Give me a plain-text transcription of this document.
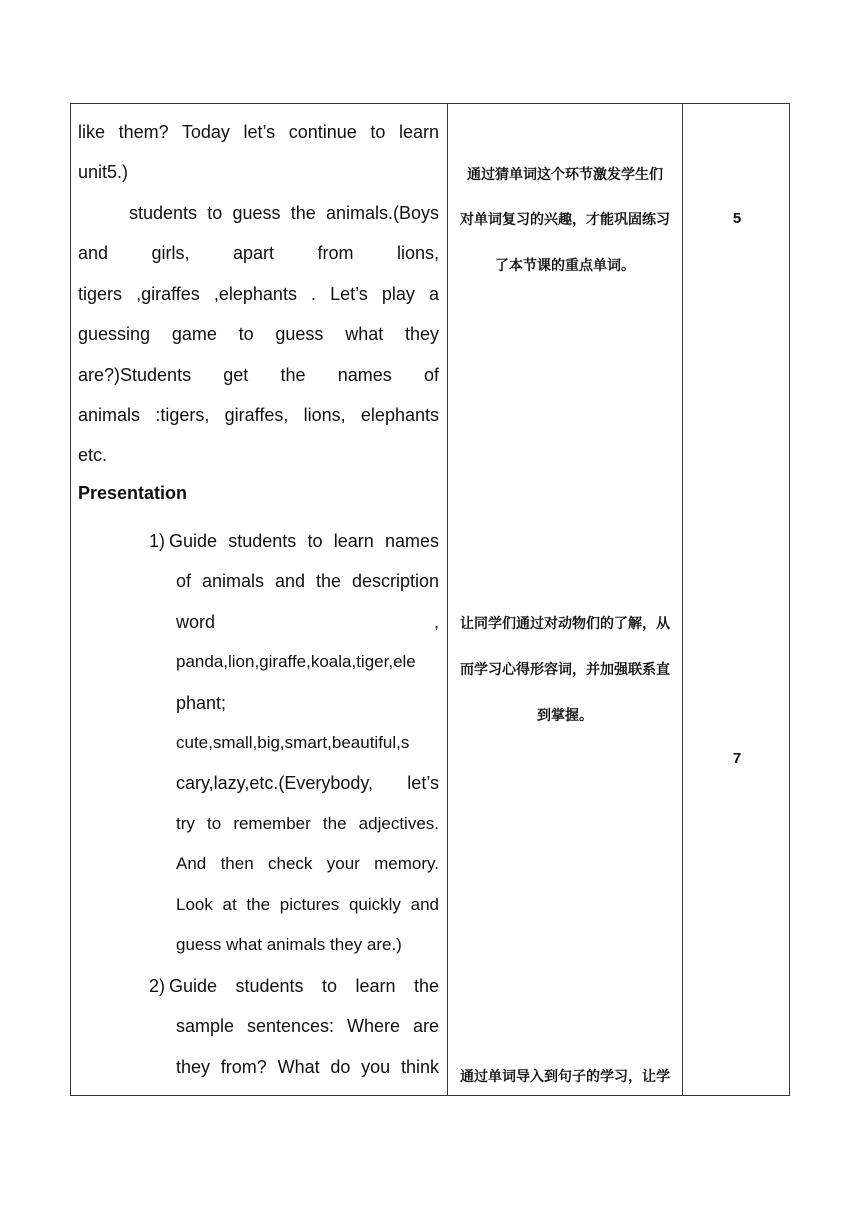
like them? Today let’s continue to learn
unit5.)
students to guess the animals.(Boys
and girls, apart from lions,
tigers ,giraffes ,elephants . Let’s play a
guessing game to guess what they
are?)Students get the names of
animals :tigers, giraffes, lions, elephants
etc.
Presentation
1) Guide students to learn names
of animals and the description
word ,
panda,lion,giraffe,koala,tiger,ele
phant;
cute,small,big,smart,beautiful,s
cary,lazy,etc.(Everybody, let’s
try to remember the adjectives.
And then check your memory.
Look at the pictures quickly and
guess what animals they are.)
2) Guide students to learn the
sample sentences: Where are
they from? What do you think
通过猜单词这个环节激发学生们
对单词复习的兴趣，才能巩固练习
了本节课的重点单词。
让同学们通过对动物们的了解，从
而学习心得形容词，并加强联系直
到掌握。
通过单词导入到句子的学习，让学
5
7
